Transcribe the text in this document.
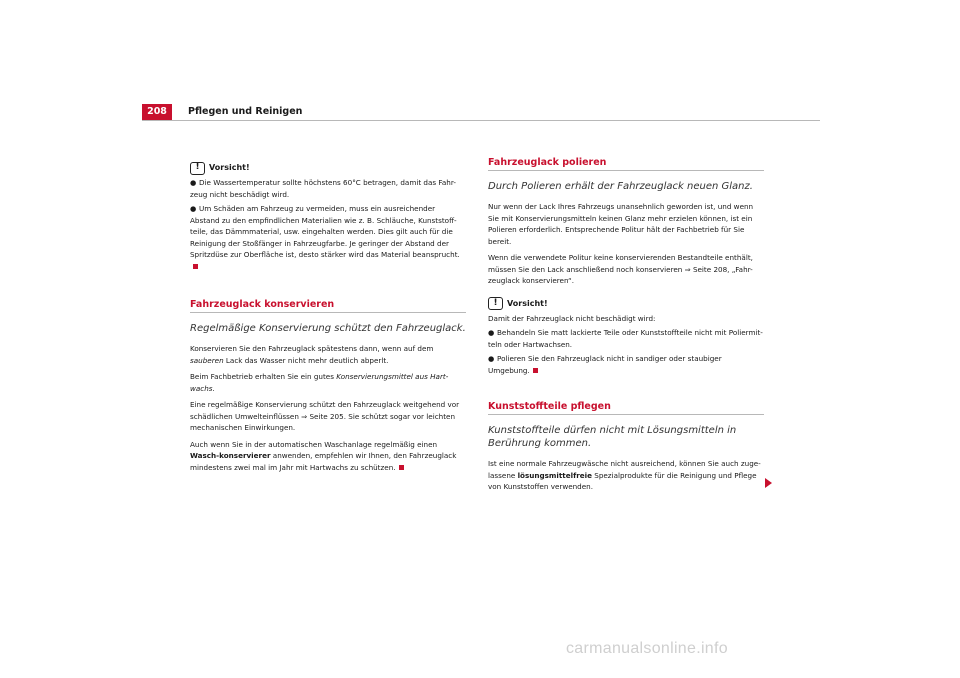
208	Pflegen und Reinigen
!	Vorsicht!

● Die Wassertemperatur sollte höchstens 60°C betragen, damit das Fahr-zeug nicht beschädigt wird.

● Um Schäden am Fahrzeug zu vermeiden, muss ein ausreichender Abstand zu den empfindlichen Materialien wie z. B. Schläuche, Kunststoff-teile, das Dämmmaterial, usw. eingehalten werden. Dies gilt auch für die Reinigung der Stoßfänger in Fahrzeugfarbe. Je geringer der Abstand der Spritzdüse zur Oberfläche ist, desto stärker wird das Material beansprucht.

Fahrzeuglack konservieren
Regelmäßige Konservierung schützt den Fahrzeuglack.

Konservieren Sie den Fahrzeuglack spätestens dann, wenn auf dem sauberen Lack das Wasser nicht mehr deutlich abperlt.

Beim Fachbetrieb erhalten Sie ein gutes Konservierungsmittel aus Hart-wachs.

Eine regelmäßige Konservierung schützt den Fahrzeuglack weitgehend vor schädlichen Umwelteinflüssen ⇒ Seite 205. Sie schützt sogar vor leichten mechanischen Einwirkungen.

Auch wenn Sie in der automatischen Waschanlage regelmäßig einen Wasch-konservierer anwenden, empfehlen wir Ihnen, den Fahrzeuglack mindestens zwei mal im Jahr mit Hartwachs zu schützen.

Fahrzeuglack polieren
Durch Polieren erhält der Fahrzeuglack neuen Glanz.

Nur wenn der Lack Ihres Fahrzeugs unansehnlich geworden ist, und wenn Sie mit Konservierungsmitteln keinen Glanz mehr erzielen können, ist ein Polieren erforderlich. Entsprechende Politur hält der Fachbetrieb für Sie bereit.

Wenn die verwendete Politur keine konservierenden Bestandteile enthält, müssen Sie den Lack anschließend noch konservieren ⇒ Seite 208, „Fahr-zeuglack konservieren“.

!	Vorsicht!

Damit der Fahrzeuglack nicht beschädigt wird:

● Behandeln Sie matt lackierte Teile oder Kunststoffteile nicht mit Poliermit-teln oder Hartwachsen.

● Polieren Sie den Fahrzeuglack nicht in sandiger oder staubiger Umgebung.

Kunststoffteile pflegen
Kunststoffteile dürfen nicht mit Lösungsmitteln in Berührung kommen.

Ist eine normale Fahrzeugwäsche nicht ausreichend, können Sie auch zuge-lassene lösungsmittelfreie Spezialprodukte für die Reinigung und Pflege von Kunststoffen verwenden.

carmanualsonline.info
